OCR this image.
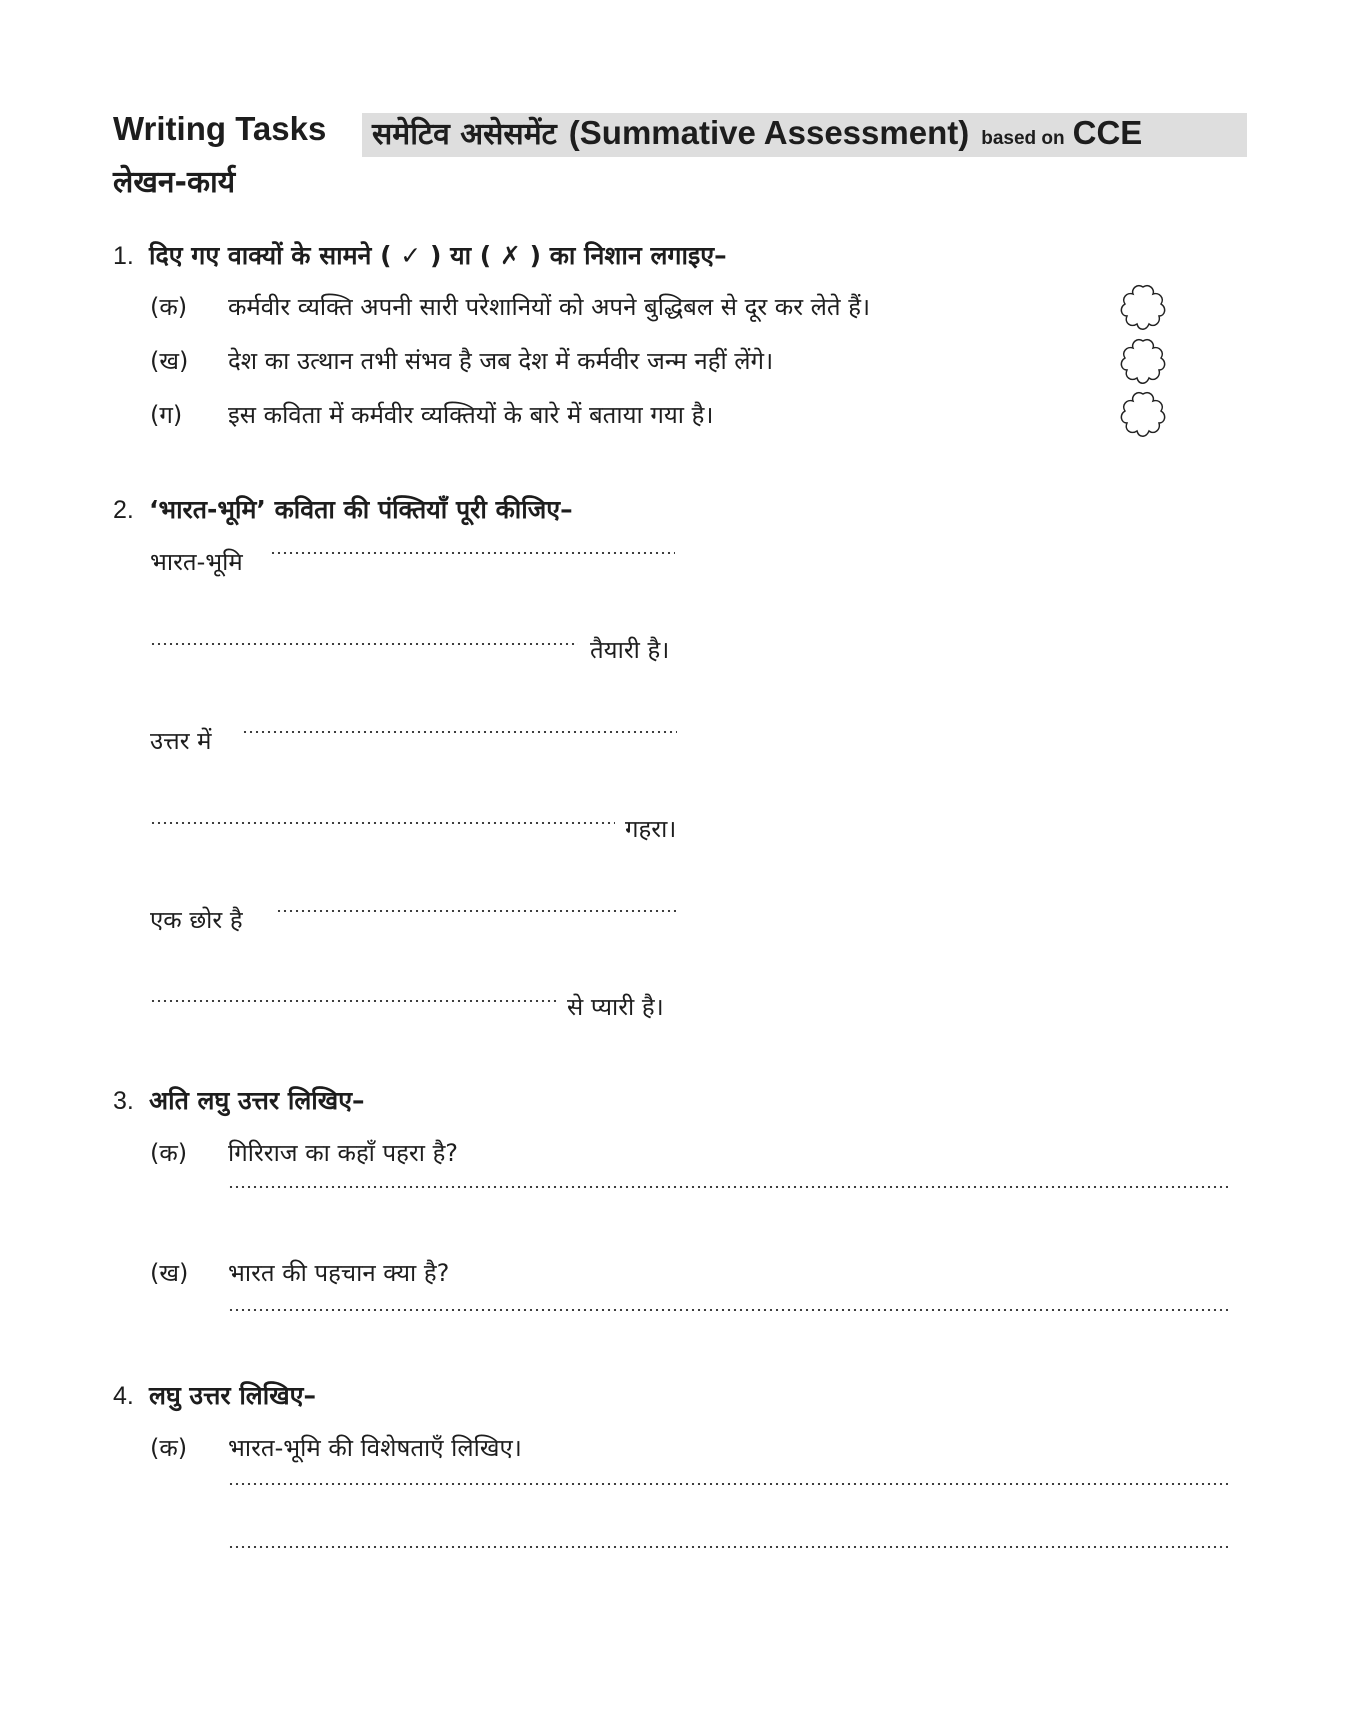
Writing Tasks
लेखन-कार्य
समेटिव असेसमेंट (Summative Assessment) based on CCE
1. दिए गए वाक्यों के सामने ( ✓ ) या ( ✗ ) का निशान लगाइए–
(क) कर्मवीर व्यक्ति अपनी सारी परेशानियों को अपने बुद्धिबल से दूर कर लेते हैं।
(ख) देश का उत्थान तभी संभव है जब देश में कर्मवीर जन्म नहीं लेंगे।
(ग) इस कविता में कर्मवीर व्यक्तियों के बारे में बताया गया है।
2. ‘भारत-भूमि’ कविता की पंक्तियाँ पूरी कीजिए–
भारत-भूमि
तैयारी है।
उत्तर में
गहरा।
एक छोर है
से प्यारी है।
3. अति लघु उत्तर लिखिए–
(क) गिरिराज का कहाँ पहरा है?
(ख) भारत की पहचान क्या है?
4. लघु उत्तर लिखिए–
(क) भारत-भूमि की विशेषताएँ लिखिए।
